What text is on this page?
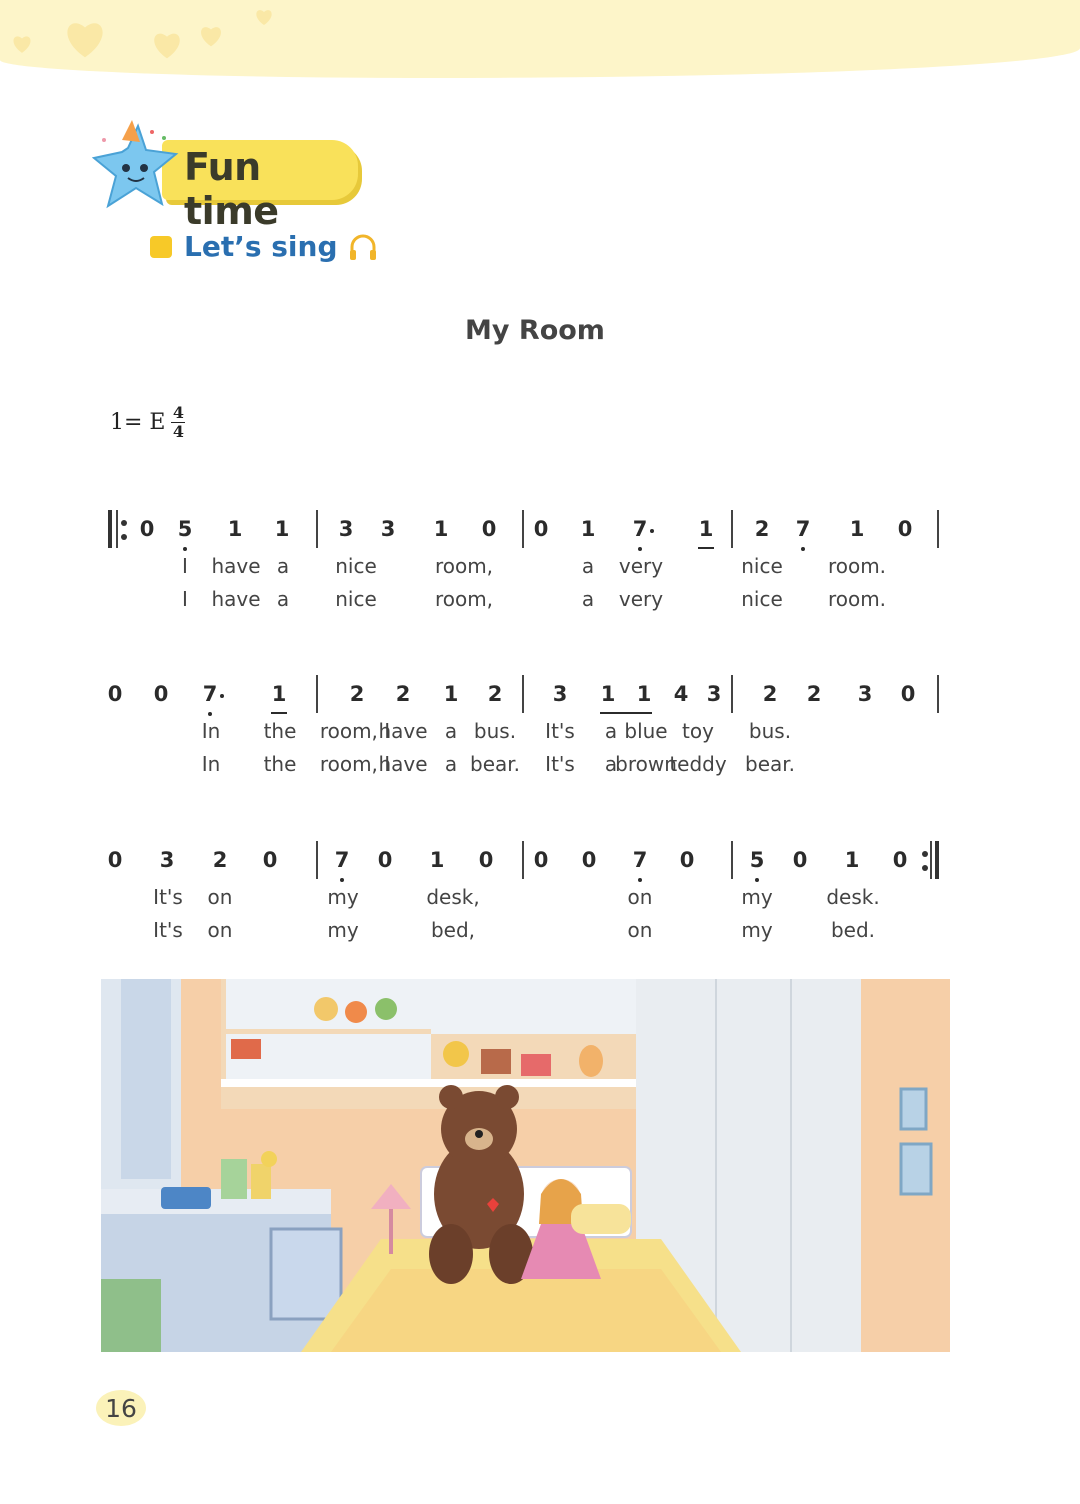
Fun time
Let’s sing
My Room
1= E $\frac{4}{4}$
0 5 1 1 3 3 1 0 0 1 7 1 2 7 1 0
I have a nice	room,	a very	nice room.
I have a nice	room,	a very	nice room.
0 0 7	1	2 2 1 2 3 1 1 4 3 2 2 3 0
In the room, I
have a bus. It's a blue toy bus.
In the room, I
have a bear. It's a
brown
teddy bear.
0 3 2 0	7 0 1 0 0 0 7 0	5 0 1 0
It's on	my	desk,	on	my	desk.
It's on	my	bed,	on	my	bed.
16
